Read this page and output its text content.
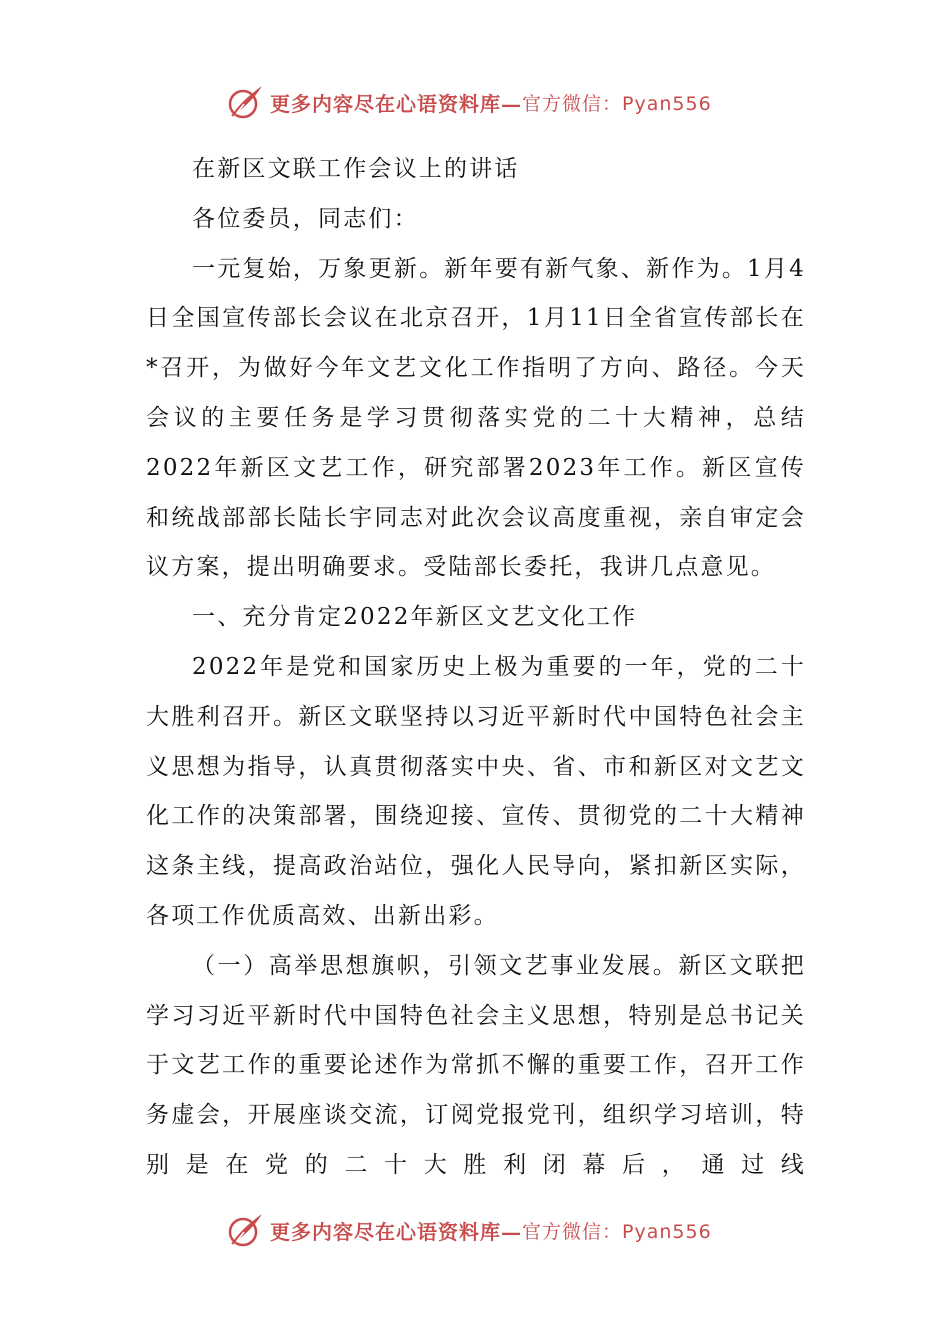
更多内容尽在心语资料库— 官方微信：Pyan556

在新区文联工作会议上的讲话

各位委员，同志们：

一元复始，万象更新。新年要有新气象、新作为。1月4日全国宣传部长会议在北京召开，1月11日全省宣传部长在*召开，为做好今年文艺文化工作指明了方向、路径。今天会议的主要任务是学习贯彻落实党的二十大精神，总结2022年新区文艺工作，研究部署2023年工作。新区宣传和统战部部长陆长宇同志对此次会议高度重视，亲自审定会议方案，提出明确要求。受陆部长委托，我讲几点意见。

一、充分肯定2022年新区文艺文化工作

2022年是党和国家历史上极为重要的一年，党的二十大胜利召开。新区文联坚持以习近平新时代中国特色社会主义思想为指导，认真贯彻落实中央、省、市和新区对文艺文化工作的决策部署，围绕迎接、宣传、贯彻党的二十大精神这条主线，提高政治站位，强化人民导向，紧扣新区实际，各项工作优质高效、出新出彩。

（一）高举思想旗帜，引领文艺事业发展。新区文联把学习习近平新时代中国特色社会主义思想，特别是总书记关于文艺工作的重要论述作为常抓不懈的重要工作，召开工作务虚会，开展座谈交流，订阅党报党刊，组织学习培训，特别是在党的二十大胜利闭幕后，通过线

更多内容尽在心语资料库— 官方微信：Pyan556
